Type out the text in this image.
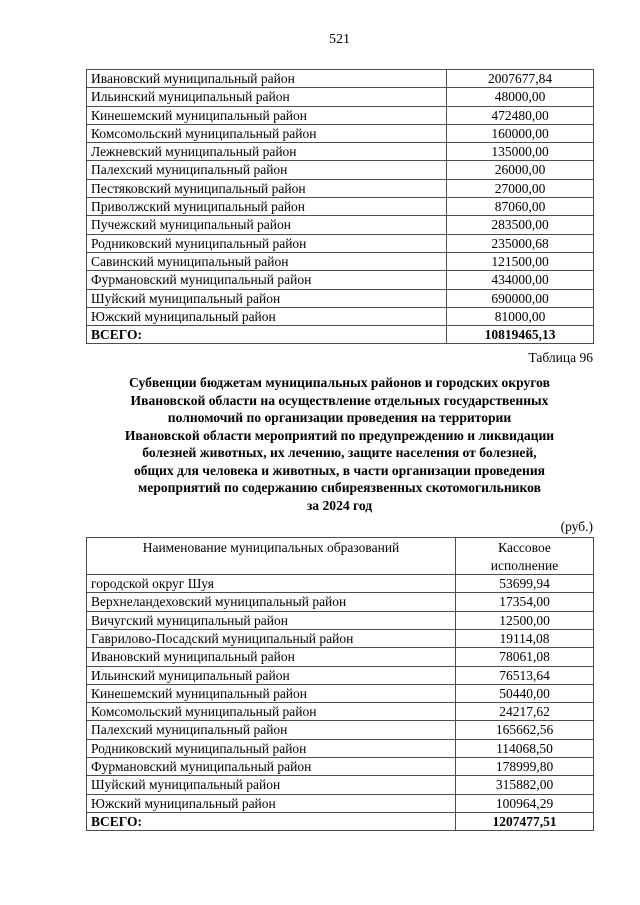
521
Ивановский муниципальный район	2007677,84
Ильинский муниципальный район	48000,00
Кинешемский муниципальный район	472480,00
Комсомольский муниципальный район	160000,00
Лежневский муниципальный район	135000,00
Палехский муниципальный район	26000,00
Пестяковский муниципальный район	27000,00
Приволжский муниципальный район	87060,00
Пучежский муниципальный район	283500,00
Родниковский муниципальный район	235000,68
Савинский муниципальный район	121500,00
Фурмановский муниципальный район	434000,00
Шуйский муниципальный район	690000,00
Южский муниципальный район	81000,00
ВСЕГО:	10819465,13
Таблица 96
Субвенции бюджетам муниципальных районов и городских округов
Ивановской области на осуществление отдельных государственных
полномочий по организации проведения на территории
Ивановской области мероприятий по предупреждению и ликвидации
болезней животных, их лечению, защите населения от болезней,
общих для человека и животных, в части организации проведения
мероприятий по содержанию сибиреязвенных скотомогильников
за 2024 год
(руб.)
Наименование муниципальных образований	Кассовое
исполнение

городской округ Шуя	53699,94
Верхнеландеховский муниципальный район	17354,00
Вичугский муниципальный район	12500,00
Гаврилово-Посадский муниципальный район	19114,08
Ивановский муниципальный район	78061,08
Ильинский муниципальный район	76513,64
Кинешемский муниципальный район	50440,00
Комсомольский муниципальный район	24217,62
Палехский муниципальный район	165662,56
Родниковский муниципальный район	114068,50
Фурмановский муниципальный район	178999,80
Шуйский муниципальный район	315882,00
Южский муниципальный район	100964,29
ВСЕГО:	1207477,51
